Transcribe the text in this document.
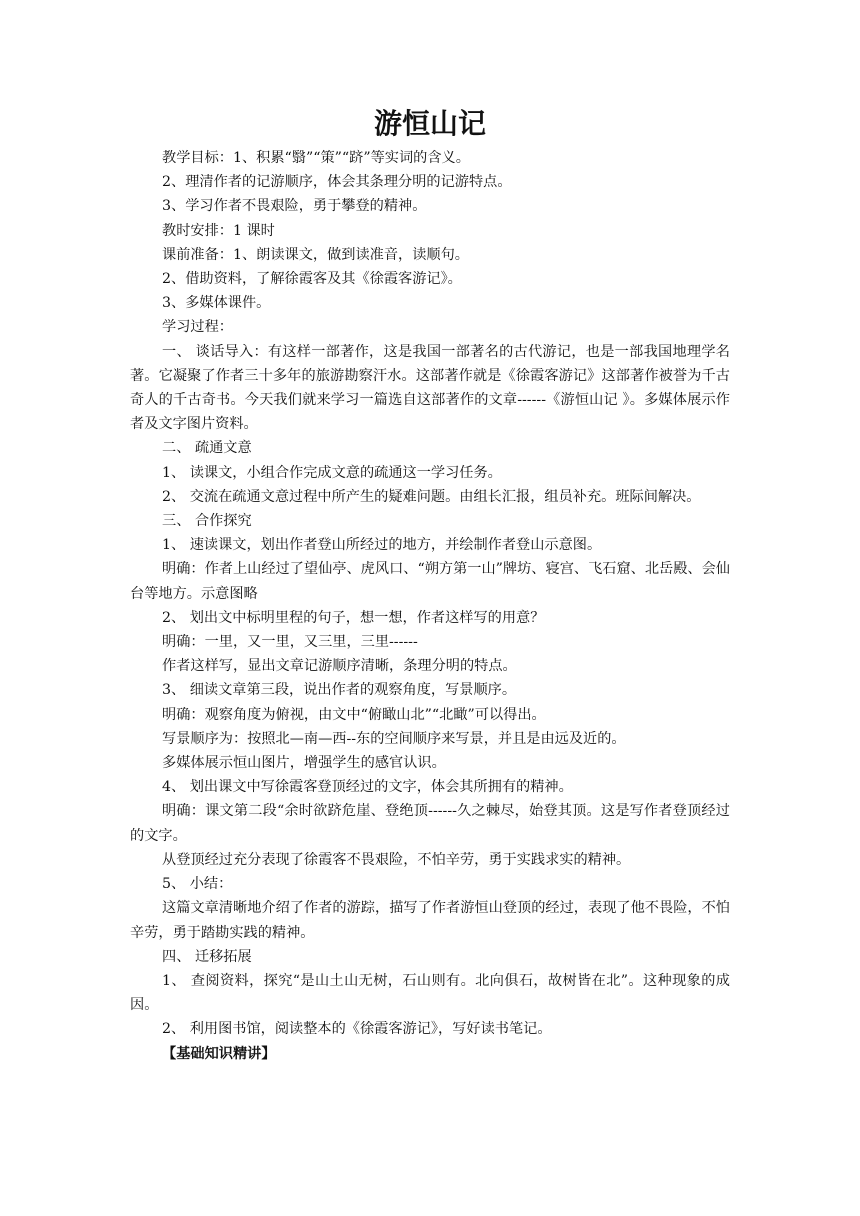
游恒山记

教学目标：1、积累“翳”“策”“跻”等实词的含义。

2、理清作者的记游顺序，体会其条理分明的记游特点。

3、学习作者不畏艰险，勇于攀登的精神。

教时安排：1 课时

课前准备：1、朗读课文，做到读准音，读顺句。

2、借助资料，了解徐霞客及其《徐霞客游记》。

3、多媒体课件。

学习过程：

一、 谈话导入：有这样一部著作，这是我国一部著名的古代游记，也是一部我国地理学名著。它凝聚了作者三十多年的旅游勘察汗水。这部著作就是《徐霞客游记》这部著作被誉为千古奇人的千古奇书。今天我们就来学习一篇选自这部著作的文章------《游恒山记 》。多媒体展示作者及文字图片资料。

二、 疏通文意

1、 读课文，小组合作完成文意的疏通这一学习任务。

2、 交流在疏通文意过程中所产生的疑难问题。由组长汇报，组员补充。班际间解决。

三、 合作探究

1、 速读课文，划出作者登山所经过的地方，并绘制作者登山示意图。

明确：作者上山经过了望仙亭、虎风口、“朔方第一山”牌坊、寝宫、飞石窟、北岳殿、会仙台等地方。示意图略

2、 划出文中标明里程的句子，想一想，作者这样写的用意？

明确：一里，又一里，又三里，三里------

作者这样写，显出文章记游顺序清晰，条理分明的特点。

3、 细读文章第三段，说出作者的观察角度，写景顺序。

明确：观察角度为俯视，由文中“俯瞰山北”“北瞰”可以得出。

写景顺序为：按照北—南—西--东的空间顺序来写景，并且是由远及近的。

多媒体展示恒山图片，增强学生的感官认识。

4、 划出课文中写徐霞客登顶经过的文字，体会其所拥有的精神。

明确：课文第二段“余时欲跻危崖、登绝顶------久之棘尽，始登其顶。这是写作者登顶经过的文字。

从登顶经过充分表现了徐霞客不畏艰险，不怕辛劳，勇于实践求实的精神。

5、 小结：

这篇文章清晰地介绍了作者的游踪，描写了作者游恒山登顶的经过，表现了他不畏险，不怕辛劳，勇于踏勘实践的精神。

四、 迁移拓展

1、 查阅资料，探究“是山土山无树，石山则有。北向俱石，故树皆在北”。这种现象的成因。

2、 利用图书馆，阅读整本的《徐霞客游记》，写好读书笔记。

【基础知识精讲】
